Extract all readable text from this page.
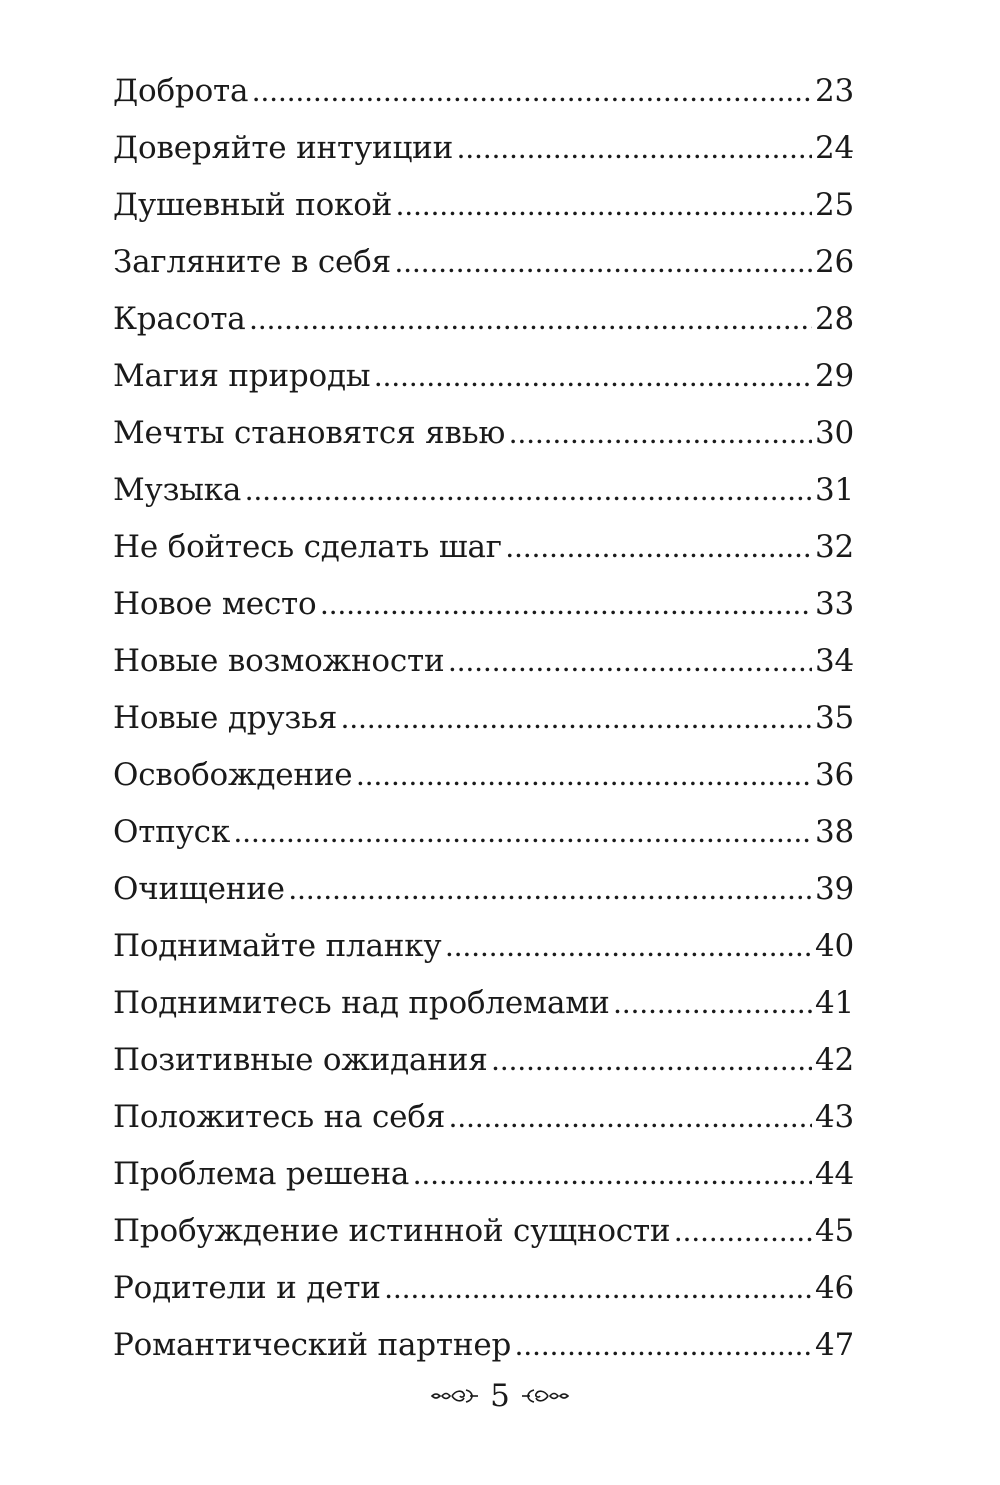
Доброта .....	23
Доверяйте интуиции .....	24
Душевный покой .....	25
Загляните в себя .....	26
Красота .....	28
Магия природы .....	29
Мечты становятся явью .....	30
Музыка .....	31
Не бойтесь сделать шаг .....	32
Новое место .....	33
Новые возможности .....	34
Новые друзья .....	35
Освобождение .....	36
Отпуск .....	38
Очищение .....	39
Поднимайте планку .....	40
Поднимитесь над проблемами .....	41
Позитивные ожидания .....	42
Положитесь на себя .....	43
Проблема решена .....	44
Пробуждение истинной сущности .....	45
Родители и дети .....	46
Романтический партнер .....	47
5
